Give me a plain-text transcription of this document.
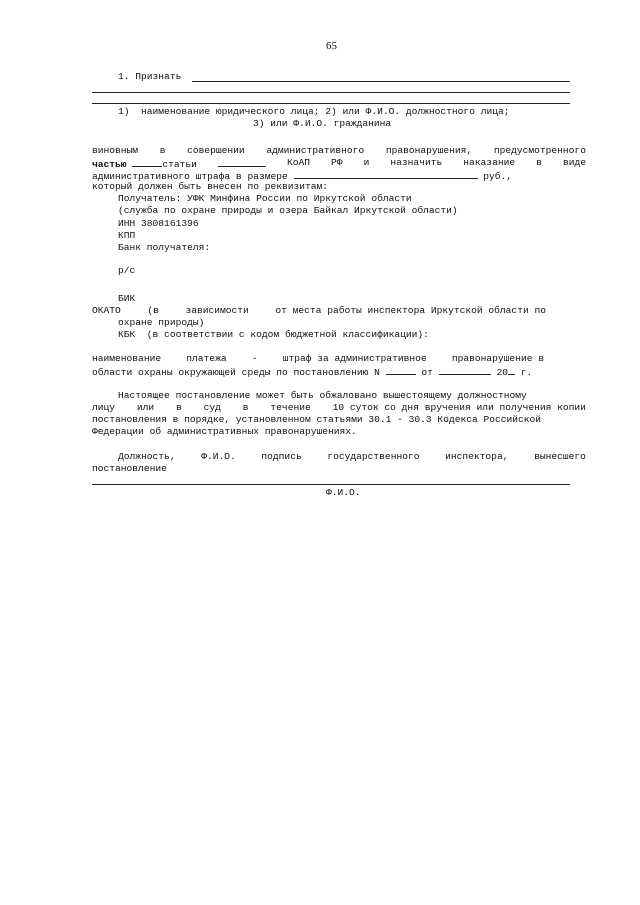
65
1. Признать
1)  наименование юридического лица; 2) или Ф.И.О. должностного лица;
3) или Ф.И.О. гражданина
виновным в совершении административного правонарушения, предусмотренного
частью	статьи	КоАП РФ и назначить наказание в виде
административного штрафа в размере	руб.,
который должен быть внесен по реквизитам:
Получатель: УФК Минфина России по Иркутской области
(служба по охране природы и озера Байкал Иркутской области)
ИНН 3808161396
КПП
Банк получателя:
р/с
БИК
ОКАТО	(в	зависимости	от места работы инспектора Иркутской области по
охране природы)
КБК  (в соответствии с кодом бюджетной классификации):
наименование	платежа	-	штраф за административное	правонарушение в
области охраны окружающей среды по постановлению N	от	20 г.
Настоящее постановление может быть обжаловано вышестоящему должностному
лицу или в суд в течение 10 суток со дня вручения или получения копии
постановления в порядке, установленном статьями 30.1 - 30.3 Кодекса Российской
Федерации об административных правонарушениях.
Должность,	Ф.И.О.	подпись	государственного	инспектора,	вынесшего
постановление
Ф.И.О.
